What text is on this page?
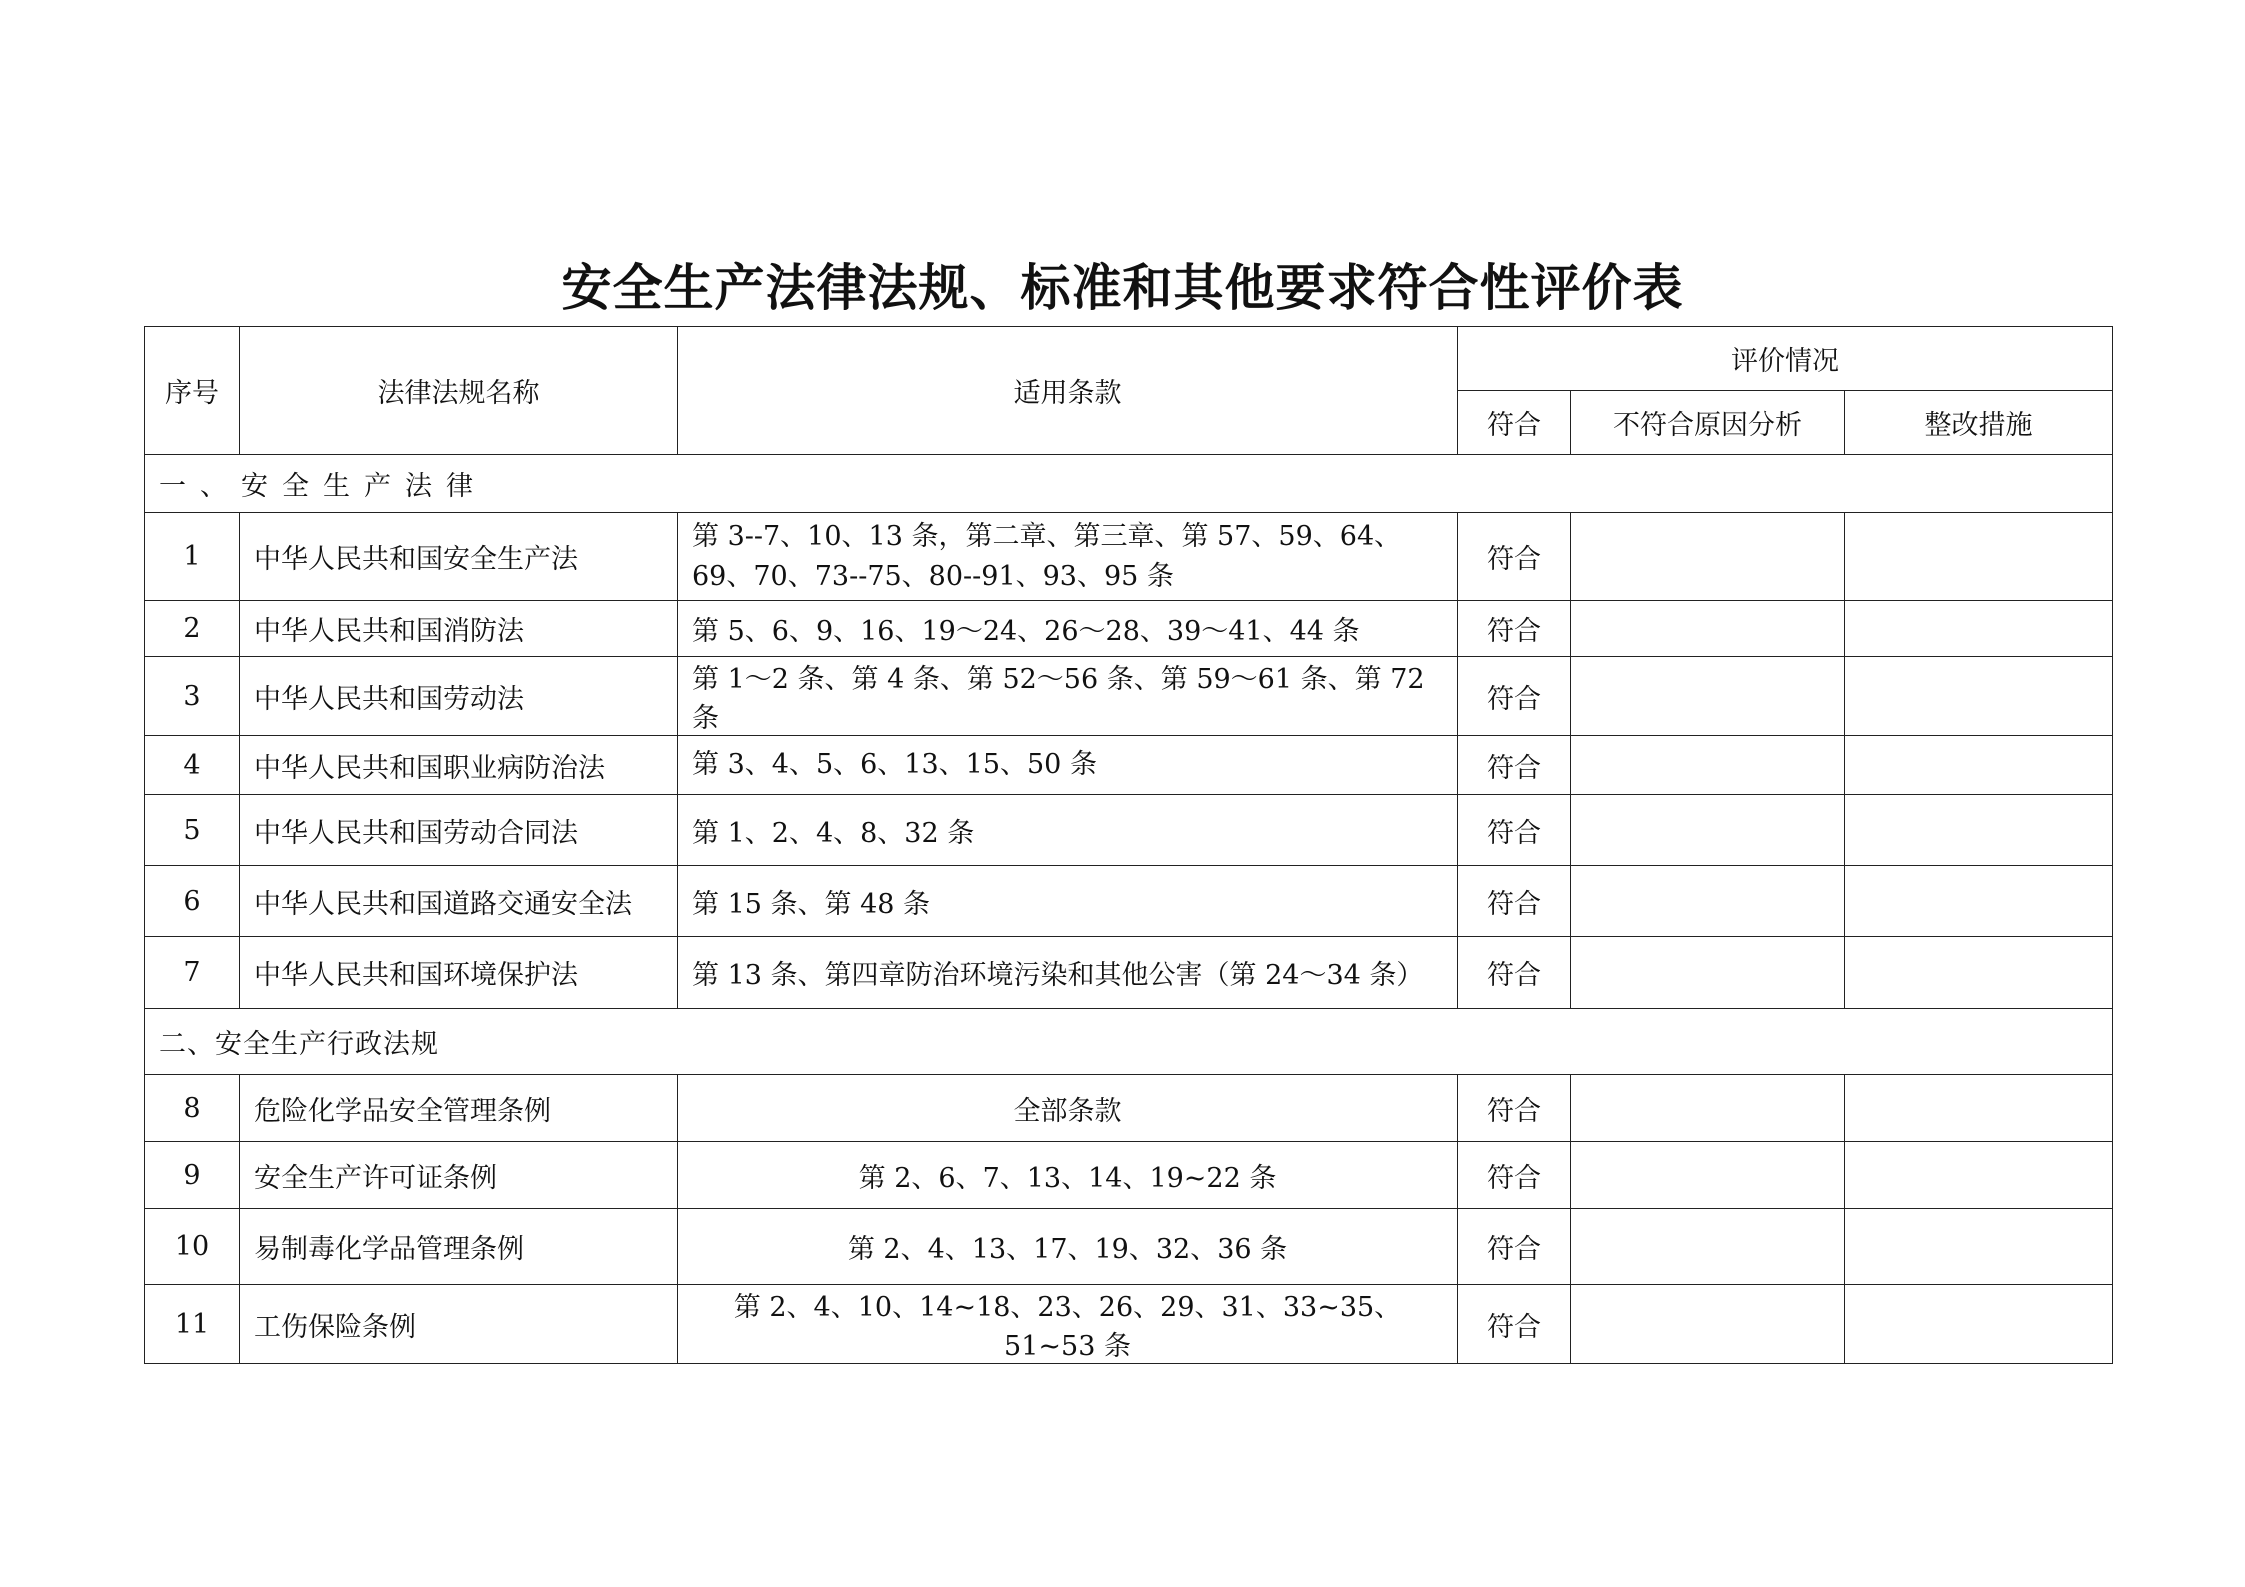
安全生产法律法规、标准和其他要求符合性评价表
序号	法律法规名称	适用条款	评价情况		
			符合	不符合原因分析	整改措施
一、安全生产法律					
1	中华人民共和国安全生产法	第 3--7、10、13 条，第二章、第三章、第 57、59、64、69、70、73--75、80--91、93、95 条	符合		
2	中华人民共和国消防法	第 5、6、9、16、19～24、26～28、39～41、44 条	符合		
3	中华人民共和国劳动法	第 1～2 条、第 4 条、第 52～56 条、第 59～61 条、第 72 条	符合		
4	中华人民共和国职业病防治法	第 3、4、5、6、13、15、50 条	符合		
5	中华人民共和国劳动合同法	第 1、2、4、8、32 条	符合		
6	中华人民共和国道路交通安全法	第 15 条、第 48 条	符合		
7	中华人民共和国环境保护法	第 13 条、第四章防治环境污染和其他公害（第 24～34 条）	符合		
二、安全生产行政法规					
8	危险化学品安全管理条例	全部条款	符合		
9	安全生产许可证条例	第 2、6、7、13、14、19~22 条	符合		
10	易制毒化学品管理条例	第 2、4、13、17、19、32、36 条	符合		
11	工伤保险条例	第 2、4、10、14~18、23、26、29、31、33~35、51~53 条	符合		
